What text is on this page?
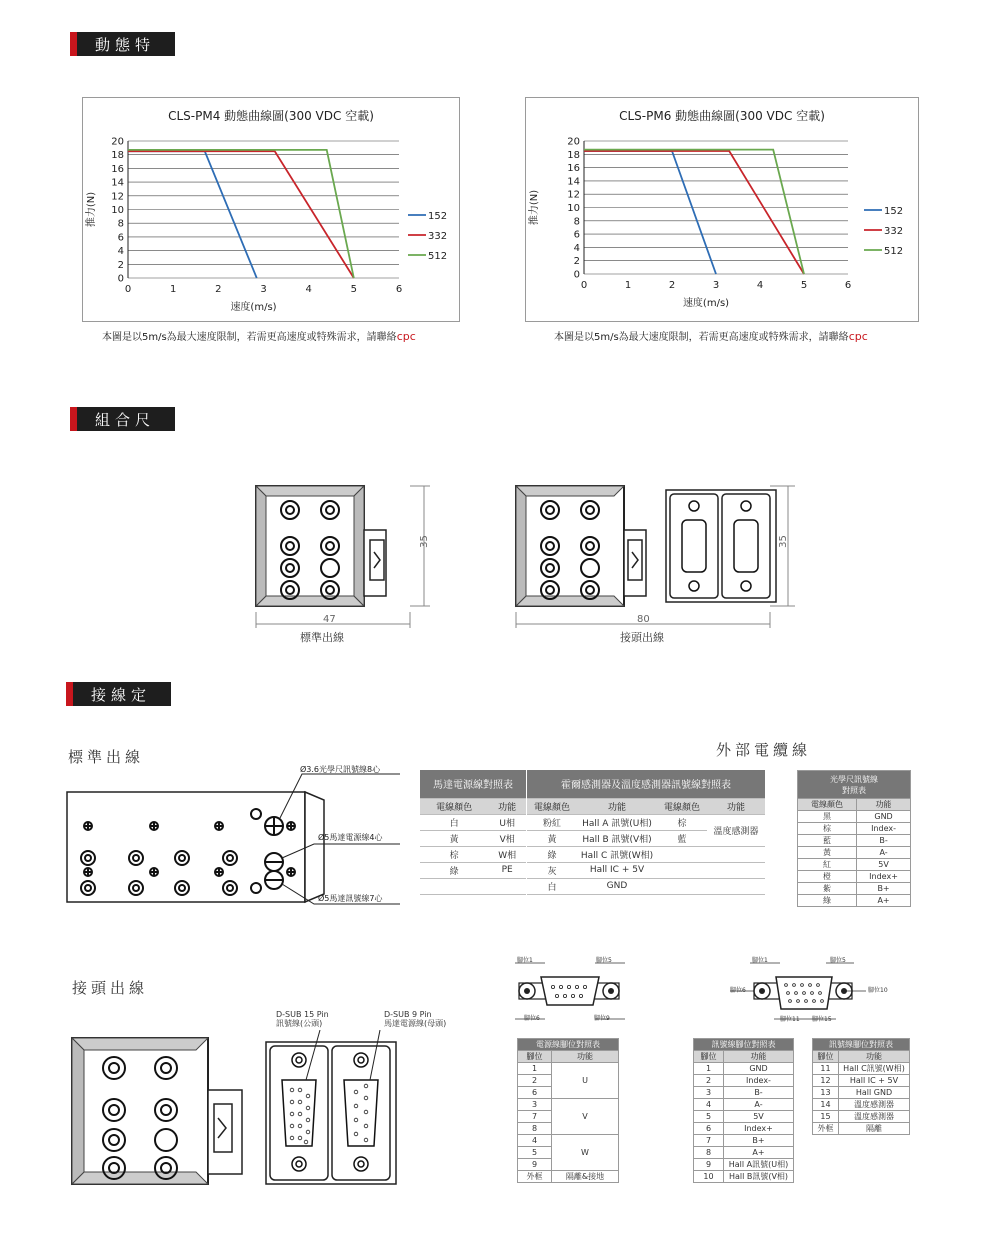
動態特性
組合尺寸
接線定義
0
2
4
6
8
10
12
14
16
18
20
0	1	2	3	4	5	6
CLS-PM4 動態曲線圖(300 VDC 空載)
速度(m/s)
推力(N)	152
332
512
本圖是以5m/s為最大速度限制，若需更高速度或特殊需求，請聯絡cpc
0
2
4
6
8
10
12
14
16
18
20
0	1	2	3	4	5	6
CLS-PM6 動態曲線圖(300 VDC 空載)
速度(m/s)
推力(N)	152
332
512
本圖是以5m/s為最大速度限制，若需更高速度或特殊需求，請聯絡cpc
35
47
標準出線
35
80
接頭出線
標準出線	外部電纜線
接頭出線
Ø3.6光學尺訊號線8心
Ø5馬達電源線4心
Ø5馬達訊號線7心
馬達電源線對照表	
電線顏色	功能
白	U相
黃	V相
棕	W相
綠	PE

霍爾感測器及溫度感測器訊號線對照表			
電線顏色	功能	電線顏色	功能
粉紅	Hall A 訊號(U相)	棕	溫度感測器
黃	Hall B 訊號(V相)	藍	
綠	Hall C 訊號(W相)		
灰	Hall IC + 5V		
白	GND		
光學尺訊號線
對照表	
電線顏色	功能
黑	GND
棕	Index-
藍	B-
黃	A-
紅	5V
橙	Index+
紫	B+
綠	A+
腳位1	腳位5
腳位6	腳位9
腳位1	腳位5
腳位6	腳位10
腳位11 腳位15
D-SUB 15 Pin
訊號線(公頭)
D-SUB 9 Pin
馬達電源線(母頭)
電源線腳位對照表	
腳位	功能
1	U
2	
6	
3	V
7	
8	
4	W
5	
9	
外框	隔離&接地
訊號線腳位對照表	
腳位	功能
1	GND
2	Index-
3	B-
4	A-
5	5V
6	Index+
7	B+
8	A+
9	Hall A訊號(U相)
10	Hall B訊號(V相)
訊號線腳位對照表	
腳位	功能
11	Hall C訊號(W相)
12	Hall IC + 5V
13	Hall GND
14	溫度感測器
15	溫度感測器
外框	隔離
